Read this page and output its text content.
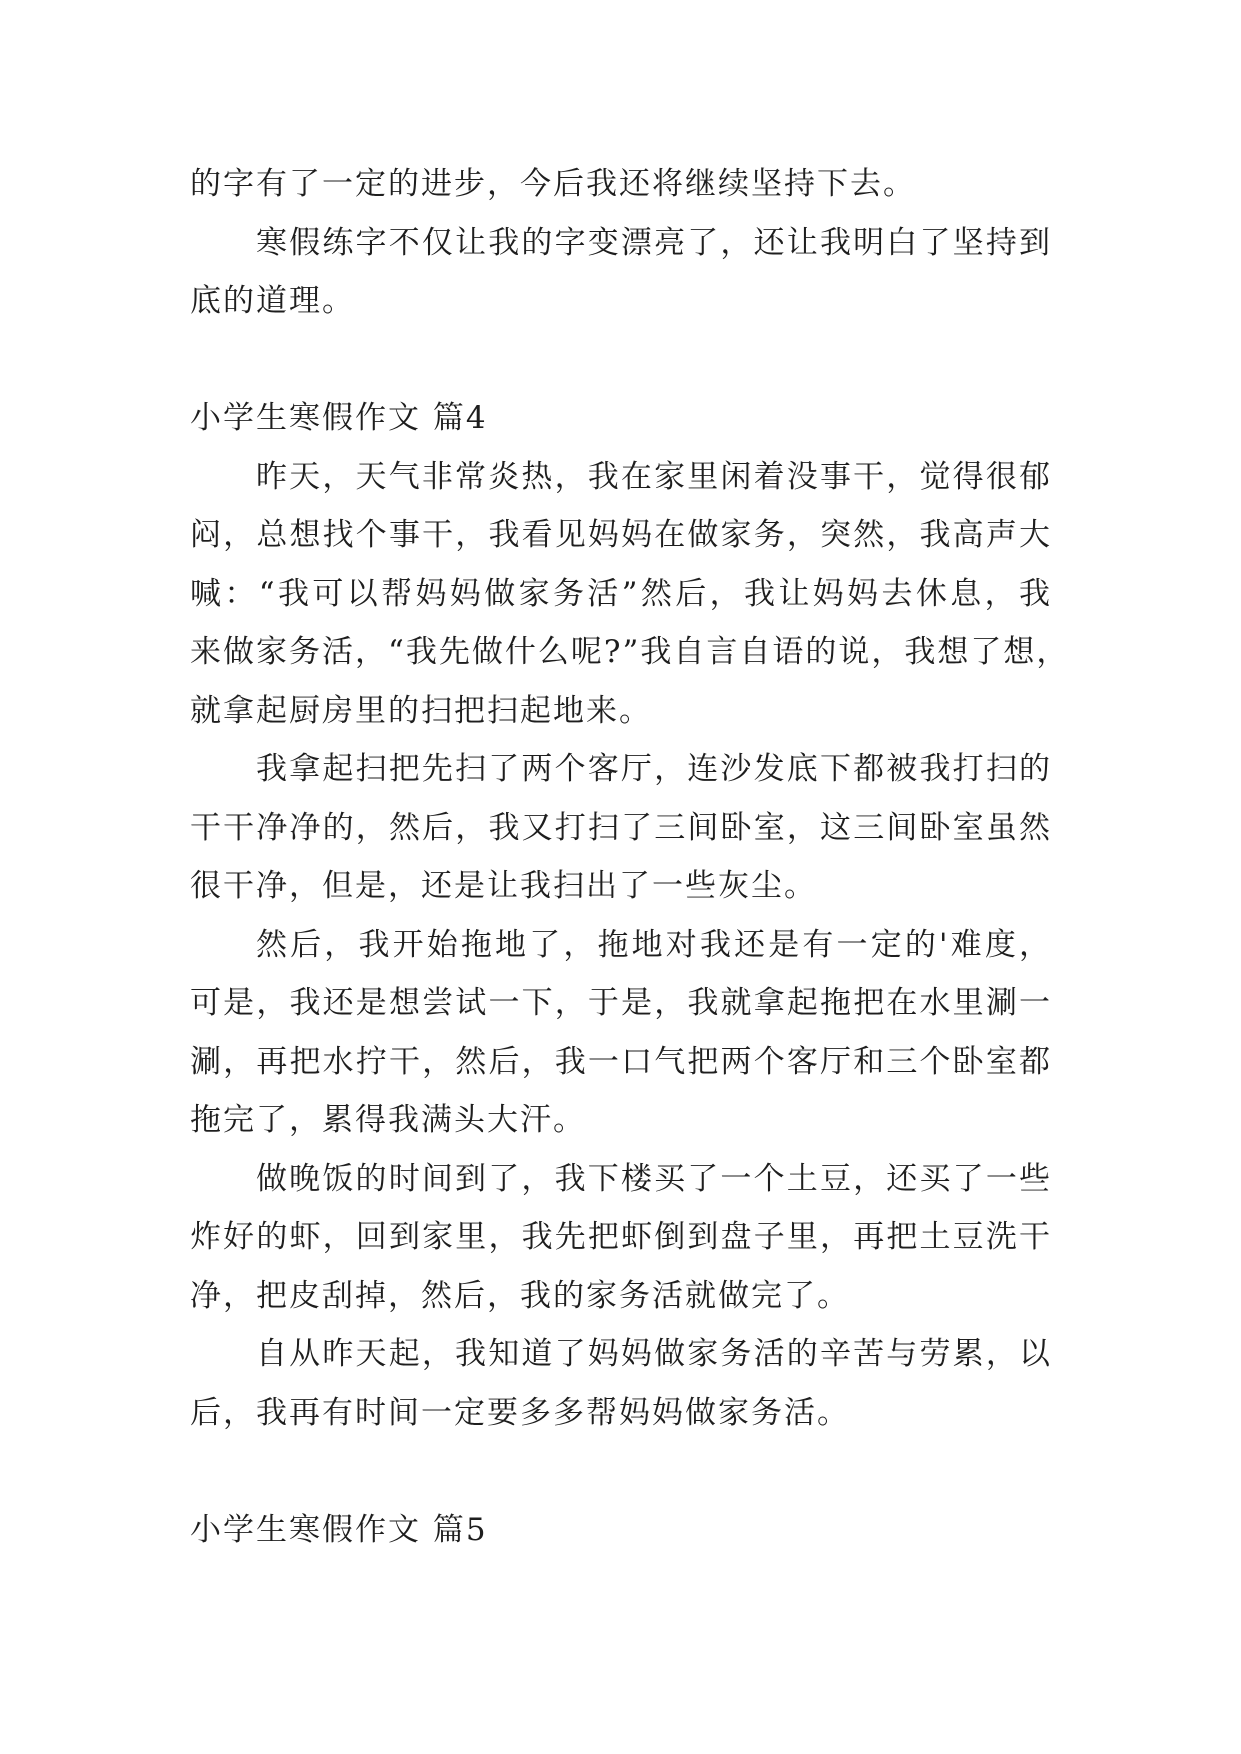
的字有了一定的进步，今后我还将继续坚持下去。
寒假练字不仅让我的字变漂亮了，还让我明白了坚持到
底的道理。
小学生寒假作文 篇4
昨天，天气非常炎热，我在家里闲着没事干，觉得很郁
闷，总想找个事干，我看见妈妈在做家务，突然，我高声大
喊：“我可以帮妈妈做家务活”然后，我让妈妈去休息，我
来做家务活，“我先做什么呢?”我自言自语的说，我想了想，
就拿起厨房里的扫把扫起地来。
我拿起扫把先扫了两个客厅，连沙发底下都被我打扫的
干干净净的，然后，我又打扫了三间卧室，这三间卧室虽然
很干净，但是，还是让我扫出了一些灰尘。
然后，我开始拖地了，拖地对我还是有一定的'难度，
可是，我还是想尝试一下，于是，我就拿起拖把在水里涮一
涮，再把水拧干，然后，我一口气把两个客厅和三个卧室都
拖完了，累得我满头大汗。
做晚饭的时间到了，我下楼买了一个土豆，还买了一些
炸好的虾，回到家里，我先把虾倒到盘子里，再把土豆洗干
净，把皮刮掉，然后，我的家务活就做完了。
自从昨天起，我知道了妈妈做家务活的辛苦与劳累，以
后，我再有时间一定要多多帮妈妈做家务活。
小学生寒假作文 篇5
